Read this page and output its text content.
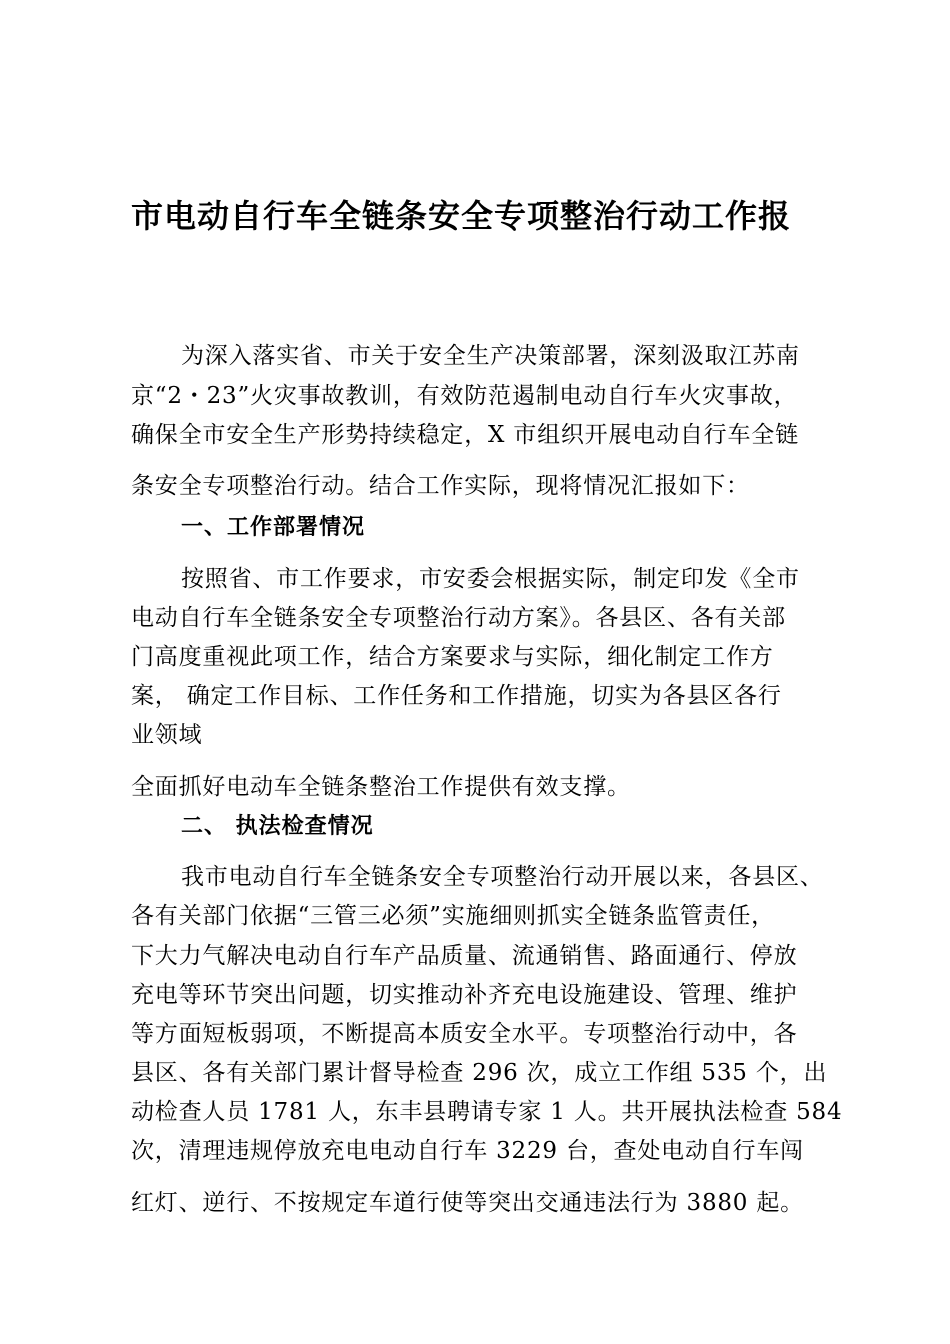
市电动自行车全链条安全专项整治行动工作报

为深入落实省、市关于安全生产决策部署，深刻汲取江苏南

京“2・23”火灾事故教训，有效防范遏制电动自行车火灾事故，

确保全市安全生产形势持续稳定，X 市组织开展电动自行车全链

条安全专项整治行动。结合工作实际，现将情况汇报如下：

一、工作部署情况

按照省、市工作要求，市安委会根据实际，制定印发《全市

电动自行车全链条安全专项整治行动方案》。各县区、各有关部

门高度重视此项工作，结合方案要求与实际，细化制定工作方

案， 确定工作目标、工作任务和工作措施，切实为各县区各行

业领域

全面抓好电动车全链条整治工作提供有效支撑。

二、 执法检查情况

我市电动自行车全链条安全专项整治行动开展以来，各县区、

各有关部门依据“三管三必须”实施细则抓实全链条监管责任，

下大力气解决电动自行车产品质量、流通销售、路面通行、停放

充电等环节突出问题，切实推动补齐充电设施建设、管理、维护

等方面短板弱项，不断提高本质安全水平。专项整治行动中，各

县区、各有关部门累计督导检查 296 次，成立工作组 535 个，出

动检查人员 1781 人，东丰县聘请专家 1 人。共开展执法检查 584

次，清理违规停放充电电动自行车 3229 台，查处电动自行车闯

红灯、逆行、不按规定车道行使等突出交通违法行为 3880 起。
